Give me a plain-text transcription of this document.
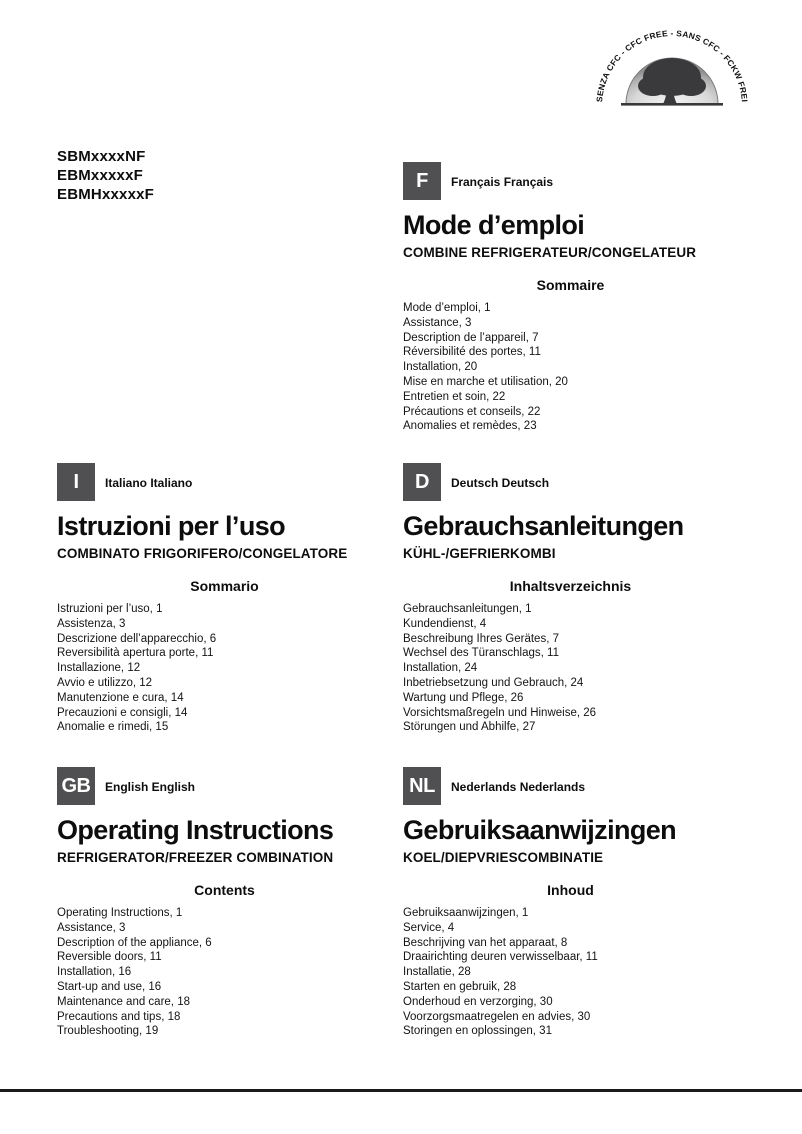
SENZA CFC - CFC FREE - SANS CFC - FCKW FREI
SBMxxxxNF
EBMxxxxxF
EBMHxxxxxF
F	Français Français
Mode d’emploi
COMBINE REFRIGERATEUR/CONGELATEUR
Sommaire
Mode d’emploi, 1
Assistance, 3
Description de l’appareil, 7
Réversibilité des portes, 11
Installation, 20
Mise en marche et utilisation, 20
Entretien et soin, 22
Précautions et conseils, 22
Anomalies et remèdes, 23
I	Italiano Italiano
Istruzioni per l’uso
COMBINATO FRIGORIFERO/CONGELATORE
Sommario
Istruzioni per l’uso, 1
Assistenza, 3
Descrizione dell’apparecchio, 6
Reversibilità apertura porte, 11
Installazione, 12
Avvio e utilizzo, 12
Manutenzione e cura, 14
Precauzioni e consigli, 14
Anomalie e rimedi, 15
D	Deutsch Deutsch
Gebrauchsanleitungen
KÜHL-/GEFRIERKOMBI
Inhaltsverzeichnis
Gebrauchsanleitungen, 1
Kundendienst, 4
Beschreibung Ihres Gerätes, 7
Wechsel des Türanschlags, 11
Installation, 24
Inbetriebsetzung und Gebrauch, 24
Wartung und Pflege, 26
Vorsichtsmaßregeln und Hinweise, 26
Störungen und Abhilfe, 27
GB	English English
Operating Instructions
REFRIGERATOR/FREEZER COMBINATION
Contents
Operating Instructions, 1
Assistance, 3
Description of the appliance, 6
Reversible doors, 11
Installation, 16
Start-up and use, 16
Maintenance and care, 18
Precautions and tips, 18
Troubleshooting, 19
NL	Nederlands Nederlands
Gebruiksaanwijzingen
KOEL/DIEPVRIESCOMBINATIE
Inhoud
Gebruiksaanwijzingen, 1
Service, 4
Beschrijving van het apparaat, 8
Draairichting deuren verwisselbaar, 11
Installatie, 28
Starten en gebruik, 28
Onderhoud en verzorging, 30
Voorzorgsmaatregelen en advies, 30
Storingen en oplossingen, 31
